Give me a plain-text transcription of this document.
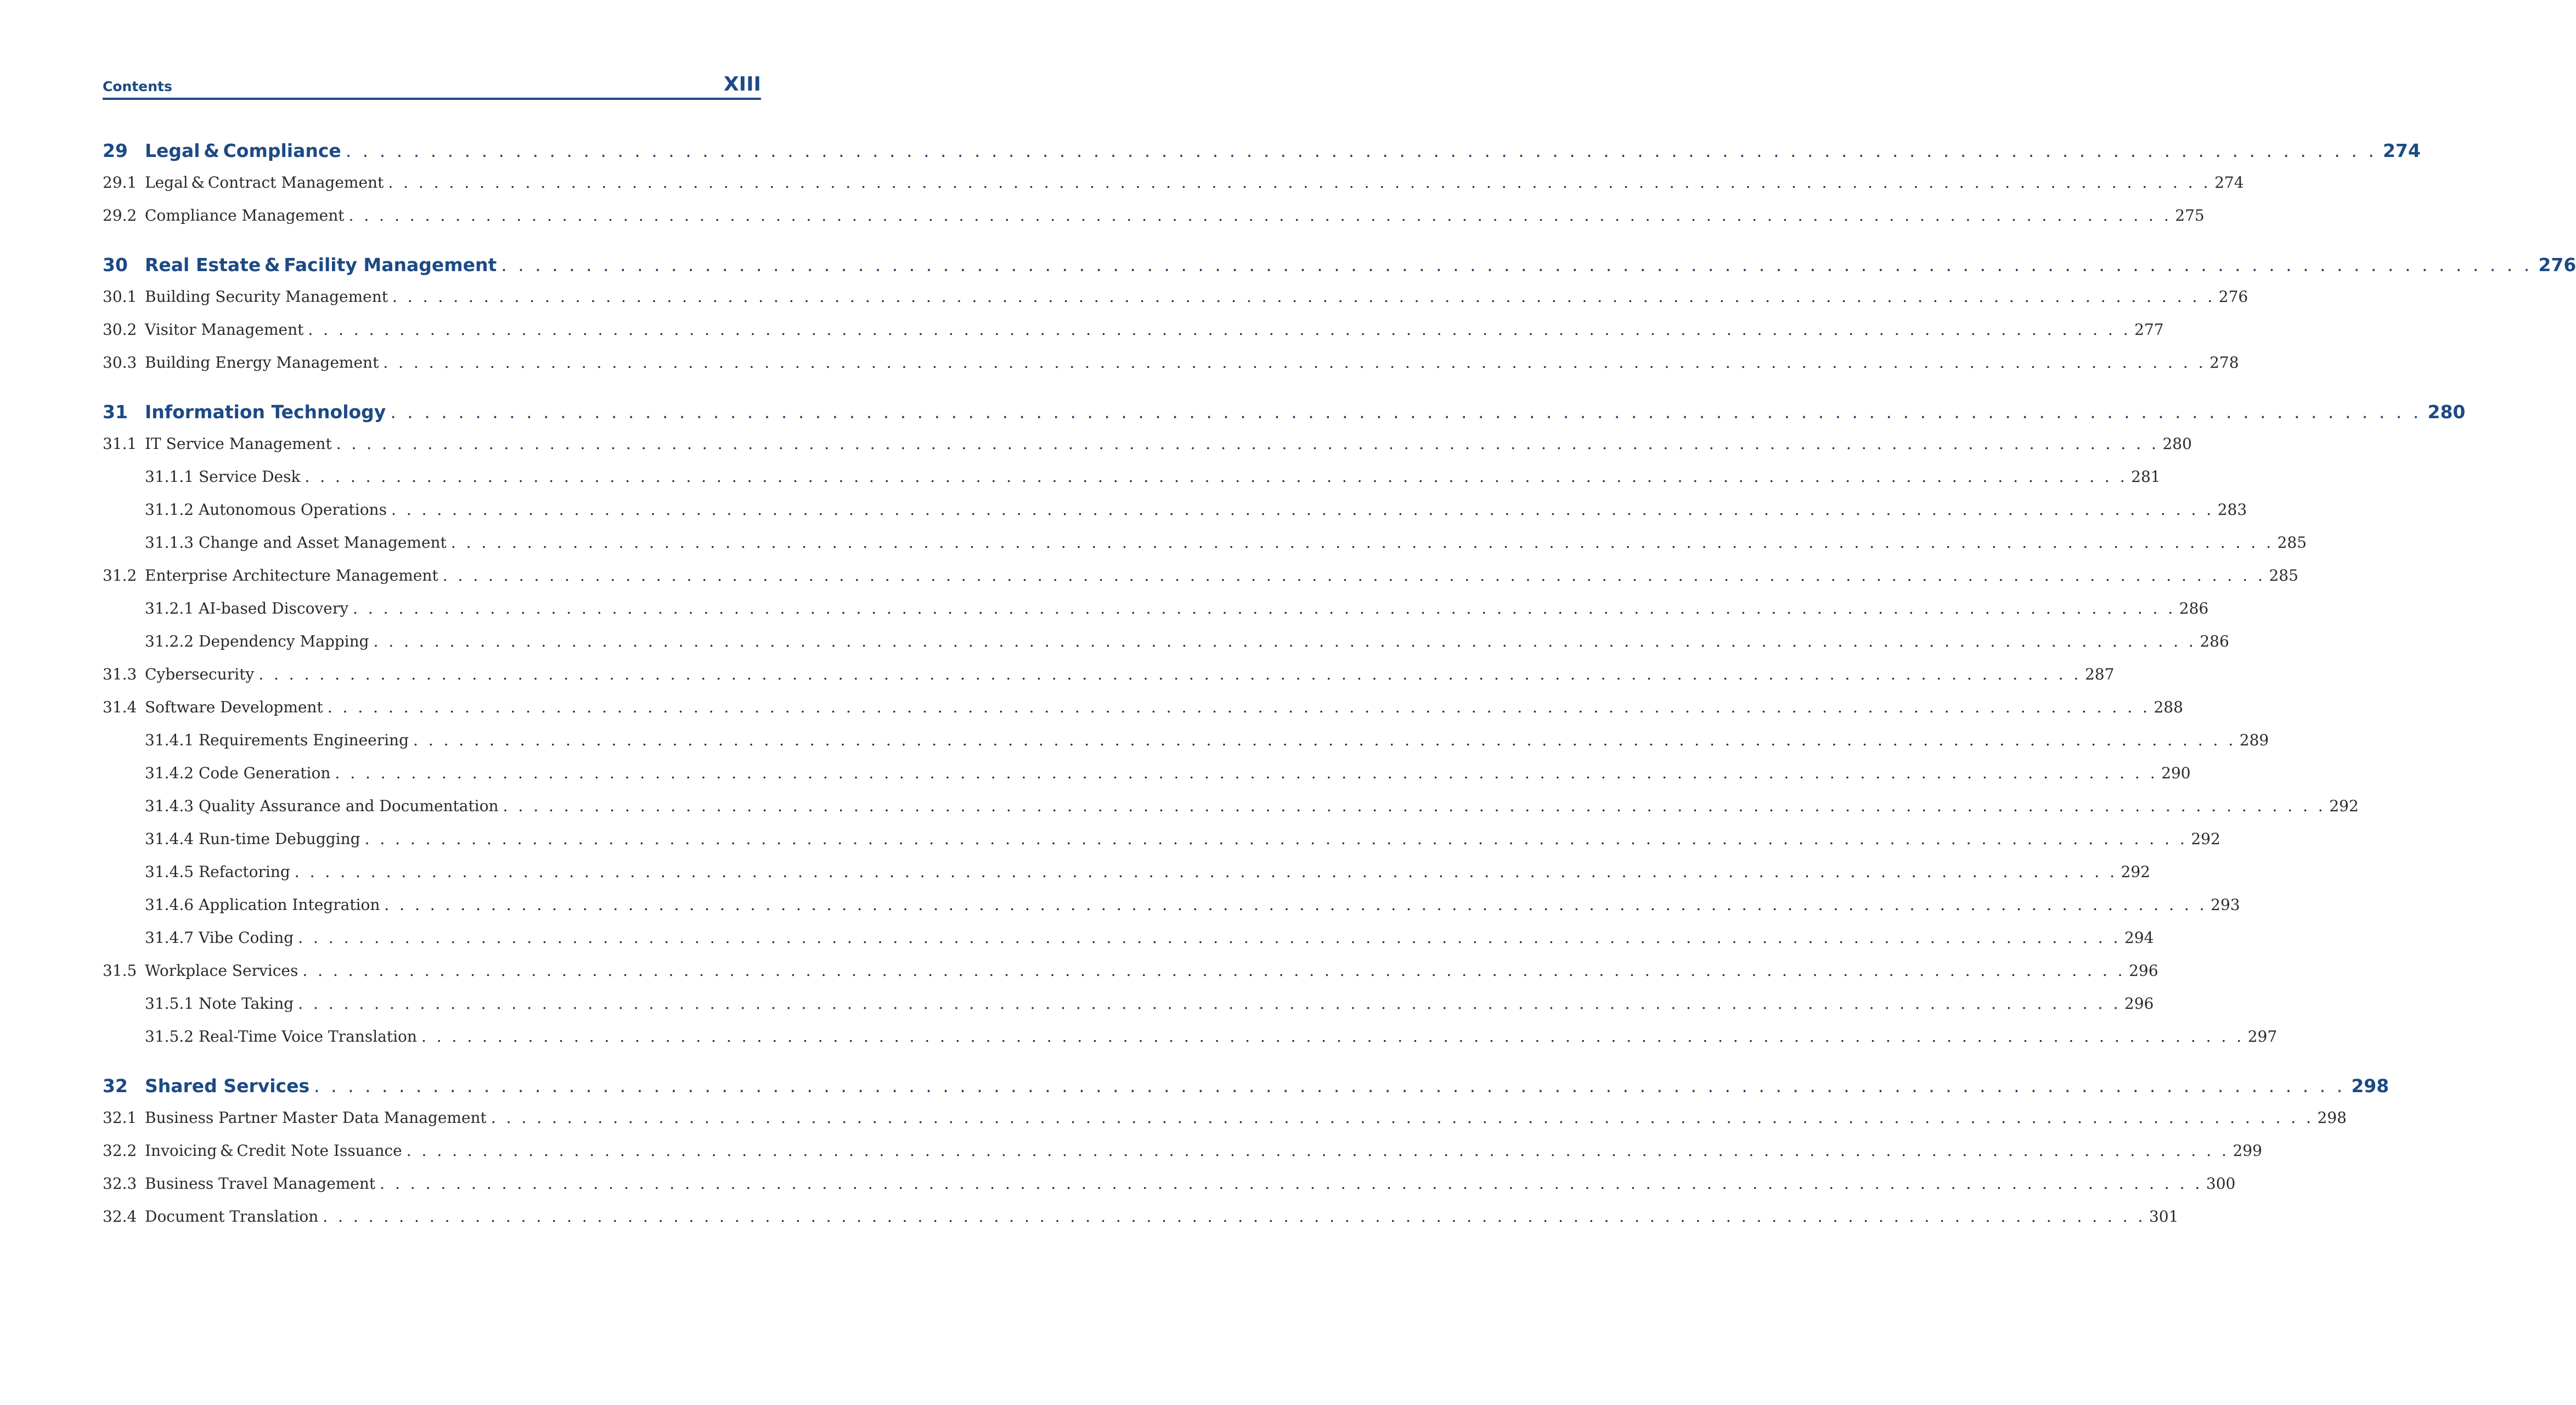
Contents	XIII
29 Legal & Compliance . . . . . . . . . . . . . . . . . . . . . . . . . . . . . . . . . . . . . . . . . . . . . . . . . . . . . . . . . . . . . . . . . . . . . . . . . . . . . . . . . . . . . . . . . . . . . . . . . . . . . . . . . . . . . . . . . . . . . . . . 274
29.1 Legal & Contract Management . . . . . . . . . . . . . . . . . . . . . . . . . . . . . . . . . . . . . . . . . . . . . . . . . . . . . . . . . . . . . . . . . . . . . . . . . . . . . . . . . . . . . . . . . . . . . . . . . . . . . . . . . . . . . . . . . . . . . . . . 274
29.2 Compliance Management . . . . . . . . . . . . . . . . . . . . . . . . . . . . . . . . . . . . . . . . . . . . . . . . . . . . . . . . . . . . . . . . . . . . . . . . . . . . . . . . . . . . . . . . . . . . . . . . . . . . . . . . . . . . . . . . . . . . . . . . 275
30 Real Estate & Facility Management . . . . . . . . . . . . . . . . . . . . . . . . . . . . . . . . . . . . . . . . . . . . . . . . . . . . . . . . . . . . . . . . . . . . . . . . . . . . . . . . . . . . . . . . . . . . . . . . . . . . . . . . . . . . . . . . . . . . . . . . 276
30.1 Building Security Management . . . . . . . . . . . . . . . . . . . . . . . . . . . . . . . . . . . . . . . . . . . . . . . . . . . . . . . . . . . . . . . . . . . . . . . . . . . . . . . . . . . . . . . . . . . . . . . . . . . . . . . . . . . . . . . . . . . . . . . . 276
30.2 Visitor Management . . . . . . . . . . . . . . . . . . . . . . . . . . . . . . . . . . . . . . . . . . . . . . . . . . . . . . . . . . . . . . . . . . . . . . . . . . . . . . . . . . . . . . . . . . . . . . . . . . . . . . . . . . . . . . . . . . . . . . . . 277
30.3 Building Energy Management . . . . . . . . . . . . . . . . . . . . . . . . . . . . . . . . . . . . . . . . . . . . . . . . . . . . . . . . . . . . . . . . . . . . . . . . . . . . . . . . . . . . . . . . . . . . . . . . . . . . . . . . . . . . . . . . . . . . . . . . 278
31 Information Technology . . . . . . . . . . . . . . . . . . . . . . . . . . . . . . . . . . . . . . . . . . . . . . . . . . . . . . . . . . . . . . . . . . . . . . . . . . . . . . . . . . . . . . . . . . . . . . . . . . . . . . . . . . . . . . . . . . . . . . . . 280
31.1 IT Service Management . . . . . . . . . . . . . . . . . . . . . . . . . . . . . . . . . . . . . . . . . . . . . . . . . . . . . . . . . . . . . . . . . . . . . . . . . . . . . . . . . . . . . . . . . . . . . . . . . . . . . . . . . . . . . . . . . . . . . . . . 280
31.1.1 Service Desk . . . . . . . . . . . . . . . . . . . . . . . . . . . . . . . . . . . . . . . . . . . . . . . . . . . . . . . . . . . . . . . . . . . . . . . . . . . . . . . . . . . . . . . . . . . . . . . . . . . . . . . . . . . . . . . . . . . . . . . . 281
31.1.2 Autonomous Operations . . . . . . . . . . . . . . . . . . . . . . . . . . . . . . . . . . . . . . . . . . . . . . . . . . . . . . . . . . . . . . . . . . . . . . . . . . . . . . . . . . . . . . . . . . . . . . . . . . . . . . . . . . . . . . . . . . . . . . . . 283
31.1.3 Change and Asset Management . . . . . . . . . . . . . . . . . . . . . . . . . . . . . . . . . . . . . . . . . . . . . . . . . . . . . . . . . . . . . . . . . . . . . . . . . . . . . . . . . . . . . . . . . . . . . . . . . . . . . . . . . . . . . . . . . . . . . . . . 285
31.2 Enterprise Architecture Management . . . . . . . . . . . . . . . . . . . . . . . . . . . . . . . . . . . . . . . . . . . . . . . . . . . . . . . . . . . . . . . . . . . . . . . . . . . . . . . . . . . . . . . . . . . . . . . . . . . . . . . . . . . . . . . . . . . . . . . . 285
31.2.1 AI-based Discovery . . . . . . . . . . . . . . . . . . . . . . . . . . . . . . . . . . . . . . . . . . . . . . . . . . . . . . . . . . . . . . . . . . . . . . . . . . . . . . . . . . . . . . . . . . . . . . . . . . . . . . . . . . . . . . . . . . . . . . . . 286
31.2.2 Dependency Mapping . . . . . . . . . . . . . . . . . . . . . . . . . . . . . . . . . . . . . . . . . . . . . . . . . . . . . . . . . . . . . . . . . . . . . . . . . . . . . . . . . . . . . . . . . . . . . . . . . . . . . . . . . . . . . . . . . . . . . . . . 286
31.3 Cybersecurity . . . . . . . . . . . . . . . . . . . . . . . . . . . . . . . . . . . . . . . . . . . . . . . . . . . . . . . . . . . . . . . . . . . . . . . . . . . . . . . . . . . . . . . . . . . . . . . . . . . . . . . . . . . . . . . . . . . . . . . . 287
31.4 Software Development . . . . . . . . . . . . . . . . . . . . . . . . . . . . . . . . . . . . . . . . . . . . . . . . . . . . . . . . . . . . . . . . . . . . . . . . . . . . . . . . . . . . . . . . . . . . . . . . . . . . . . . . . . . . . . . . . . . . . . . . 288
31.4.1 Requirements Engineering . . . . . . . . . . . . . . . . . . . . . . . . . . . . . . . . . . . . . . . . . . . . . . . . . . . . . . . . . . . . . . . . . . . . . . . . . . . . . . . . . . . . . . . . . . . . . . . . . . . . . . . . . . . . . . . . . . . . . . . . 289
31.4.2 Code Generation . . . . . . . . . . . . . . . . . . . . . . . . . . . . . . . . . . . . . . . . . . . . . . . . . . . . . . . . . . . . . . . . . . . . . . . . . . . . . . . . . . . . . . . . . . . . . . . . . . . . . . . . . . . . . . . . . . . . . . . . 290
31.4.3 Quality Assurance and Documentation . . . . . . . . . . . . . . . . . . . . . . . . . . . . . . . . . . . . . . . . . . . . . . . . . . . . . . . . . . . . . . . . . . . . . . . . . . . . . . . . . . . . . . . . . . . . . . . . . . . . . . . . . . . . . . . . . . . . . . . . 292
31.4.4 Run-time Debugging . . . . . . . . . . . . . . . . . . . . . . . . . . . . . . . . . . . . . . . . . . . . . . . . . . . . . . . . . . . . . . . . . . . . . . . . . . . . . . . . . . . . . . . . . . . . . . . . . . . . . . . . . . . . . . . . . . . . . . . . 292
31.4.5 Refactoring . . . . . . . . . . . . . . . . . . . . . . . . . . . . . . . . . . . . . . . . . . . . . . . . . . . . . . . . . . . . . . . . . . . . . . . . . . . . . . . . . . . . . . . . . . . . . . . . . . . . . . . . . . . . . . . . . . . . . . . . 292
31.4.6 Application Integration . . . . . . . . . . . . . . . . . . . . . . . . . . . . . . . . . . . . . . . . . . . . . . . . . . . . . . . . . . . . . . . . . . . . . . . . . . . . . . . . . . . . . . . . . . . . . . . . . . . . . . . . . . . . . . . . . . . . . . . . 293
31.4.7 Vibe Coding . . . . . . . . . . . . . . . . . . . . . . . . . . . . . . . . . . . . . . . . . . . . . . . . . . . . . . . . . . . . . . . . . . . . . . . . . . . . . . . . . . . . . . . . . . . . . . . . . . . . . . . . . . . . . . . . . . . . . . . . 294
31.5 Workplace Services . . . . . . . . . . . . . . . . . . . . . . . . . . . . . . . . . . . . . . . . . . . . . . . . . . . . . . . . . . . . . . . . . . . . . . . . . . . . . . . . . . . . . . . . . . . . . . . . . . . . . . . . . . . . . . . . . . . . . . . . 296
31.5.1 Note Taking . . . . . . . . . . . . . . . . . . . . . . . . . . . . . . . . . . . . . . . . . . . . . . . . . . . . . . . . . . . . . . . . . . . . . . . . . . . . . . . . . . . . . . . . . . . . . . . . . . . . . . . . . . . . . . . . . . . . . . . . 296
31.5.2 Real-Time Voice Translation . . . . . . . . . . . . . . . . . . . . . . . . . . . . . . . . . . . . . . . . . . . . . . . . . . . . . . . . . . . . . . . . . . . . . . . . . . . . . . . . . . . . . . . . . . . . . . . . . . . . . . . . . . . . . . . . . . . . . . . . 297
32 Shared Services . . . . . . . . . . . . . . . . . . . . . . . . . . . . . . . . . . . . . . . . . . . . . . . . . . . . . . . . . . . . . . . . . . . . . . . . . . . . . . . . . . . . . . . . . . . . . . . . . . . . . . . . . . . . . . . . . . . . . . . . 298
32.1 Business Partner Master Data Management . . . . . . . . . . . . . . . . . . . . . . . . . . . . . . . . . . . . . . . . . . . . . . . . . . . . . . . . . . . . . . . . . . . . . . . . . . . . . . . . . . . . . . . . . . . . . . . . . . . . . . . . . . . . . . . . . . . . . . . . 298
32.2 Invoicing & Credit Note Issuance . . . . . . . . . . . . . . . . . . . . . . . . . . . . . . . . . . . . . . . . . . . . . . . . . . . . . . . . . . . . . . . . . . . . . . . . . . . . . . . . . . . . . . . . . . . . . . . . . . . . . . . . . . . . . . . . . . . . . . . . 299
32.3 Business Travel Management . . . . . . . . . . . . . . . . . . . . . . . . . . . . . . . . . . . . . . . . . . . . . . . . . . . . . . . . . . . . . . . . . . . . . . . . . . . . . . . . . . . . . . . . . . . . . . . . . . . . . . . . . . . . . . . . . . . . . . . . 300
32.4 Document Translation . . . . . . . . . . . . . . . . . . . . . . . . . . . . . . . . . . . . . . . . . . . . . . . . . . . . . . . . . . . . . . . . . . . . . . . . . . . . . . . . . . . . . . . . . . . . . . . . . . . . . . . . . . . . . . . . . . . . . . . . 301
